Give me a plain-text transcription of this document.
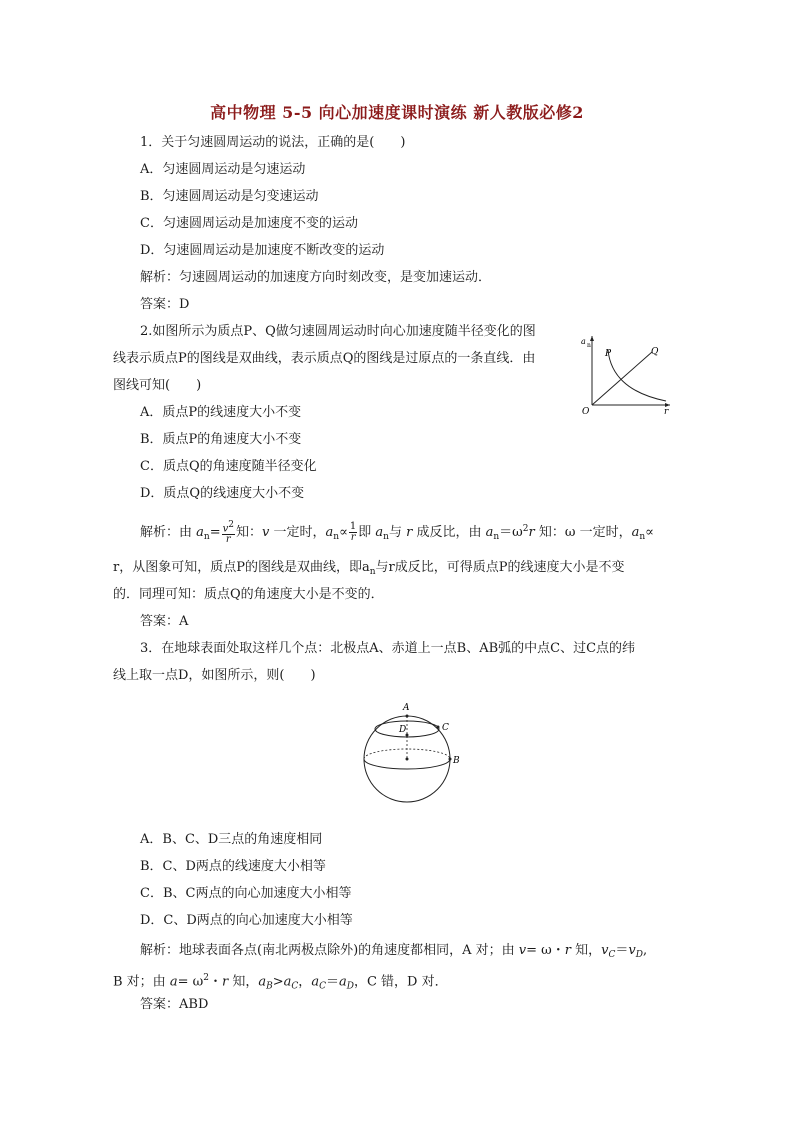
高中物理 5-5 向心加速度课时演练 新人教版必修2
1．关于匀速圆周运动的说法，正确的是(　　)
A．匀速圆周运动是匀速运动
B．匀速圆周运动是匀变速运动
C．匀速圆周运动是加速度不变的运动
D．匀速圆周运动是加速度不断改变的运动
解析：匀速圆周运动的加速度方向时刻改变，是变加速运动．
答案：D
2.如图所示为质点P、Q做匀速圆周运动时向心加速度随半径变化的图
线表示质点P的图线是双曲线，表示质点Q的图线是过原点的一条直线．由
图线可知(　　)
A．质点P的线速度大小不变
B．质点P的角速度大小不变
C．质点Q的角速度随半径变化
D．质点Q的线速度大小不变
a n
r
O
P	Q
解析：由 $a_n= \frac{v^2}{r}$ 知：v 一定时，$a_n\propto \frac{1}{r}$ 即 $a_n$与 r 成反比，由 $a_n=\omega^2r$ 知：ω 一定时，$a_n\propto$
r，从图象可知，质点P的图线是双曲线，即$a_n$与r成反比，可得质点P的线速度大小是不变
的．同理可知：质点Q的角速度大小是不变的．
答案：A
3．在地球表面处取这样几个点：北极点A、赤道上一点B、AB弧的中点C、过C点的纬
线上取一点D，如图所示，则(　　)
A
C
B
D
A．B、C、D三点的角速度相同
B．C、D两点的线速度大小相等
C．B、C两点的向心加速度大小相等
D．C、D两点的向心加速度大小相等
解析：地球表面各点(南北两极点除外)的角速度都相同，A 对；由 v= ω・r 知，$v_C=v_D$,
B 对；由 $a= \omega^2$・r 知，$a_B>a_C$，$a_C=a_D$，C 错，D 对．
答案：ABD
